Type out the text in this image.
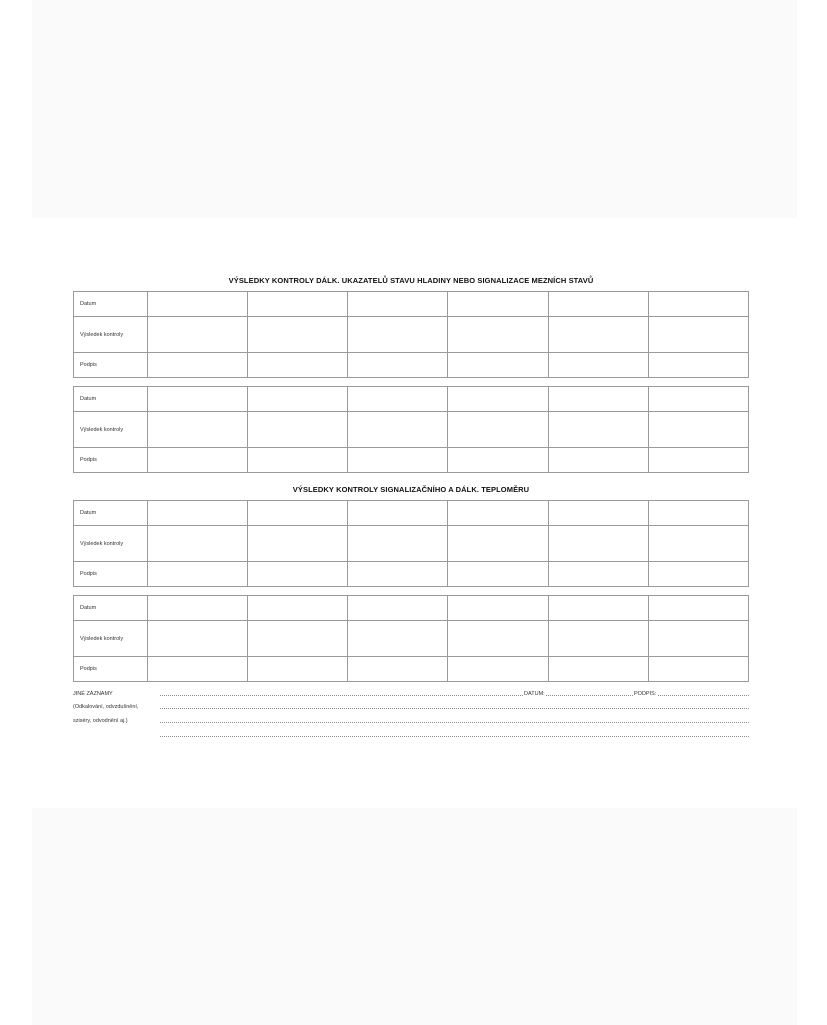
VÝSLEDKY KONTROLY DÁLK. UKAZATELŮ STAVU HLADINY NEBO SIGNALIZACE MEZNÍCH STAVŮ
Datum						
Výsledek kontroly						
Podpis						
Datum						
Výsledek kontroly						
Podpis						
VÝSLEDKY KONTROLY SIGNALIZAČNÍHO A DÁLK. TEPLOMĚRU
Datum						
Výsledek kontroly						
Podpis						
Datum						
Výsledek kontroly						
Podpis						
JINÉ ZÁZNAMY	DATUM:	PODPIS:
(Odkalování, odvzdušnění,
sziséry, odvodnění aj.)
